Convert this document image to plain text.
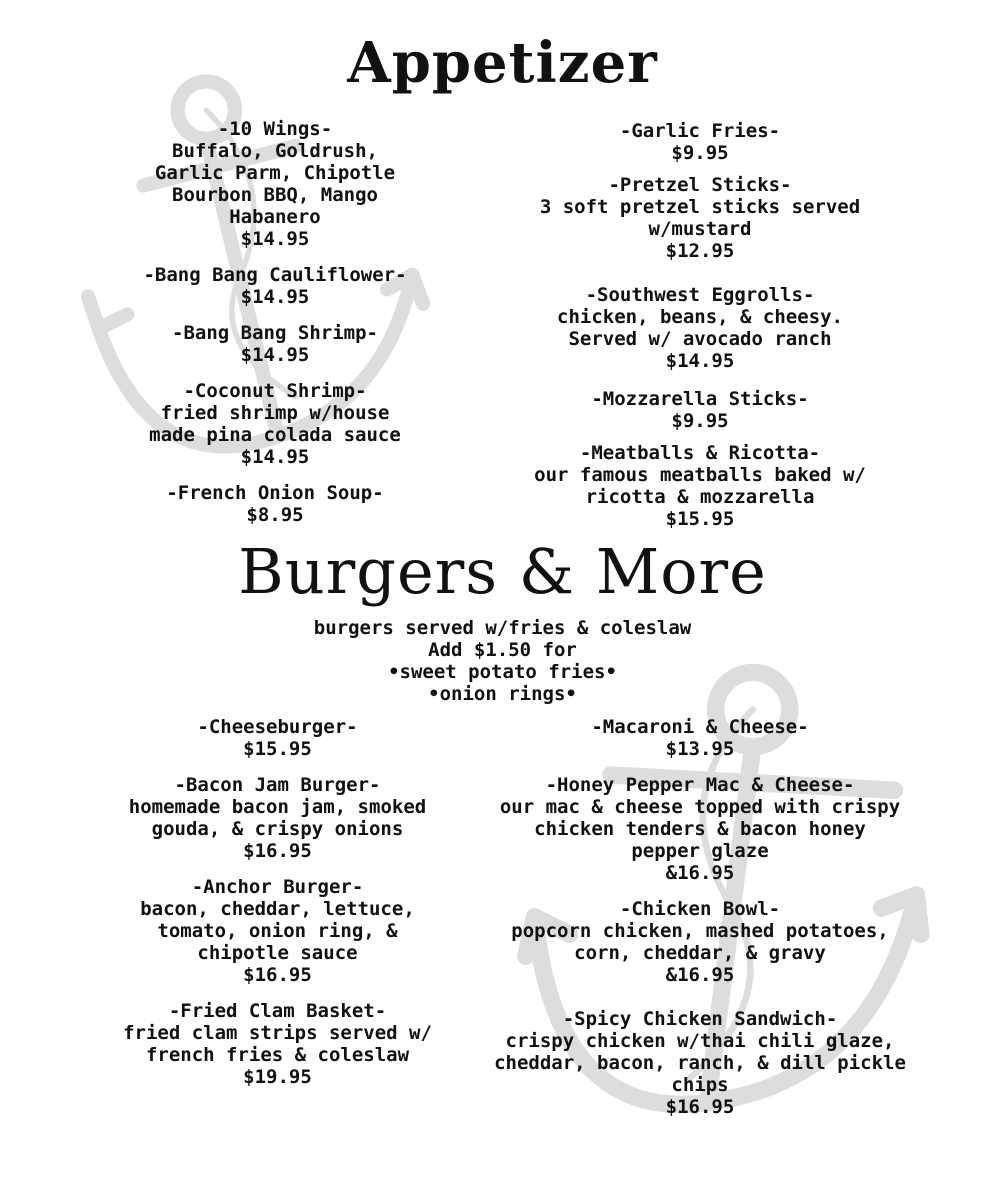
Appetizer
-10 Wings-
Buffalo, Goldrush,
Garlic Parm, Chipotle
Bourbon BBQ, Mango
Habanero
$14.95
-Bang Bang Cauliflower-
$14.95
-Bang Bang Shrimp-
$14.95
-Coconut Shrimp-
fried shrimp w/house
made pina colada sauce
$14.95
-French Onion Soup-
$8.95
-Garlic Fries-
$9.95
-Pretzel Sticks-
3 soft pretzel sticks served
w/mustard
$12.95
-Southwest Eggrolls-
chicken, beans, & cheesy.
Served w/ avocado ranch
$14.95
-Mozzarella Sticks-
$9.95
-Meatballs & Ricotta-
our famous meatballs baked w/
ricotta & mozzarella
$15.95
Burgers & More
burgers served w/fries & coleslaw
Add $1.50 for
•sweet potato fries•
•onion rings•
-Cheeseburger-
$15.95
-Bacon Jam Burger-
homemade bacon jam, smoked
gouda, & crispy onions
$16.95
-Anchor Burger-
bacon, cheddar, lettuce,
tomato, onion ring, &
chipotle sauce
$16.95
-Fried Clam Basket-
fried clam strips served w/
french fries & coleslaw
$19.95
-Macaroni & Cheese-
$13.95
-Honey Pepper Mac & Cheese-
our mac & cheese topped with crispy
chicken tenders & bacon honey
pepper glaze
&16.95
-Chicken Bowl-
popcorn chicken, mashed potatoes,
corn, cheddar, & gravy
&16.95
-Spicy Chicken Sandwich-
crispy chicken w/thai chili glaze,
cheddar, bacon, ranch, & dill pickle
chips
$16.95
